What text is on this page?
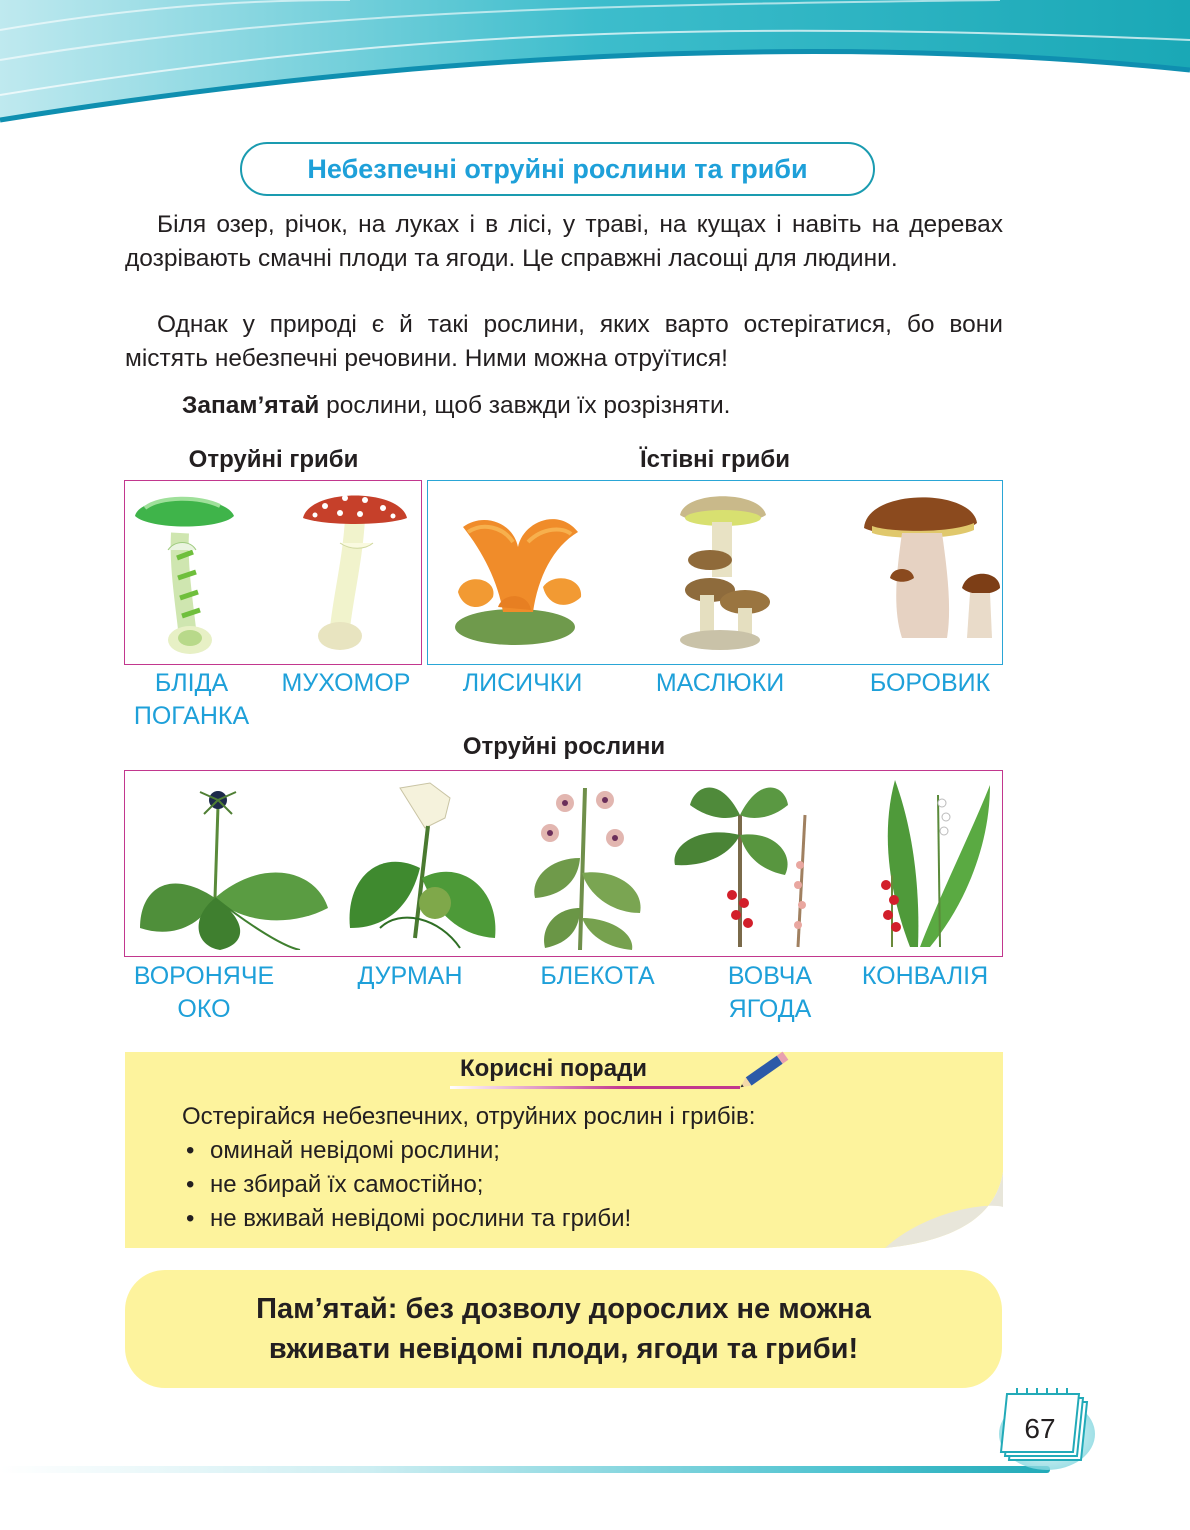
Небезпечні отруйні рослини та гриби

Біля озер, річок, на луках і в лісі, у траві, на кущах і навіть на деревах дозрівають смачні плоди та ягоди. Це справжні ласощі для людини.

Однак у природі є й такі рослини, яких варто остерігатися, бо вони містять небезпечні речовини. Ними можна отруїтися!

Запам’ятай рослини, щоб завжди їх розрізняти.
Отруйні гриби	Їстівні гриби
БЛІДА
ПОГАНКА
МУХОМОР	ЛИСИЧКИ	МАСЛЮКИ	БОРОВИК
Отруйні рослини
ВОРОНЯЧЕ
ОКО
ДУРМАН	БЛЕКОТА	ВОВЧА
ЯГОДА
КОНВАЛІЯ
Корисні поради
Остерігайся небезпечних, отруйних рослин і грибів:
• оминай невідомі рослини;
• не збирай їх самостійно;
• не вживай невідомі рослини та гриби!
Пам’ятай: без дозволу дорослих не можна
вживати невідомі плоди, ягоди та гриби!
67
